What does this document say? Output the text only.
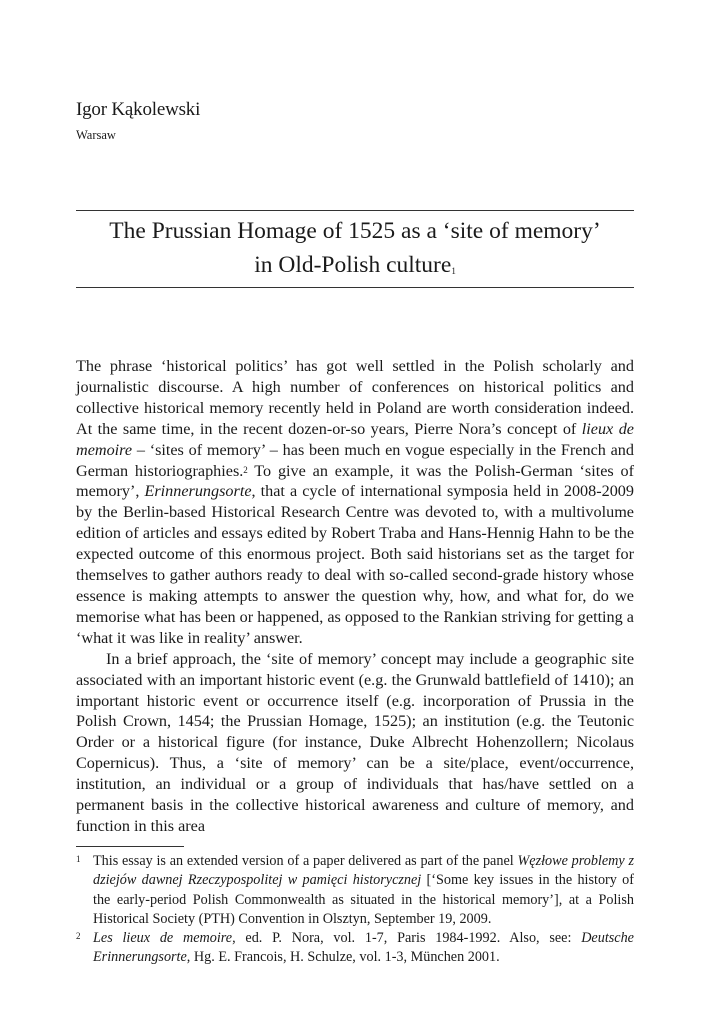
Igor Kąkolewski
Warsaw
The Prussian Homage of 1525 as a ‘site of memory’
in Old-Polish culture$^1$

The phrase ‘historical politics’ has got well settled in the Polish scholarly and journalistic discourse. A high number of conferences on historical politics and collective historical memory recently held in Poland are worth consideration indeed. At the same time, in the recent dozen-or-so years, Pierre Nora’s concept of lieux de memoire – ‘sites of memory’ – has been much en vogue especially in the French and German historiographies.$^2$ To give an example, it was the Polish-German ‘sites of memory’, Erinnerungsorte, that a cycle of international symposia held in 2008-2009 by the Berlin-based Historical Research Centre was devoted to, with a multivolume edition of articles and essays edited by Robert Traba and Hans-Hennig Hahn to be the expected outcome of this enormous project. Both said historians set as the target for themselves to gather authors ready to deal with so-called second-grade history whose essence is making attempts to answer the question why, how, and what for, do we memorise what has been or happened, as opposed to the Rankian striving for getting a ‘what it was like in reality’ answer.

In a brief approach, the ‘site of memory’ concept may include a geographic site associated with an important historic event (e.g. the Grunwald battlefield of 1410); an important historic event or occurrence itself (e.g. incorporation of Prussia in the Polish Crown, 1454; the Prussian Homage, 1525); an institution (e.g. the Teutonic Order or a historical figure (for instance, Duke Albrecht Hohenzollern; Nicolaus Copernicus). Thus, a ‘site of memory’ can be a site/place, event/occurrence, institution, an individual or a group of individuals that has/have settled on a permanent basis in the collective historical awareness and culture of memory, and function in this area

1 This essay is an extended version of a paper delivered as part of the panel Węzłowe problemy z dziejów dawnej Rzeczypospolitej w pamięci historycznej [‘Some key issues in the history of the early-period Polish Commonwealth as situated in the historical memory’], at a Polish Historical Society (PTH) Convention in Olsztyn, September 19, 2009.
2 Les lieux de memoire, ed. P. Nora, vol. 1-7, Paris 1984-1992. Also, see: Deutsche Erinnerungsorte, Hg. E. Francois, H. Schulze, vol. 1-3, München 2001.
